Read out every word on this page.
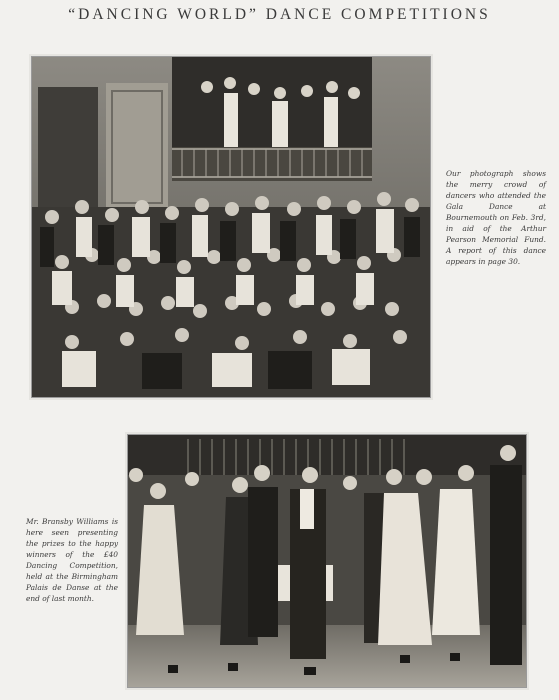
“DANCING WORLD” DANCE COMPETITIONS
Our photograph shows the merry crowd of dancers who attended the Gala Dance at Bournemouth on Feb. 3rd, in aid of the Arthur Pearson Memorial Fund. A report of this dance appears in page 30.
Mr. Bransby Williams is here seen presenting the prizes to the happy winners of the £40 Dancing Competition, held at the Birmingham Palais de Danse at the end of last month.
